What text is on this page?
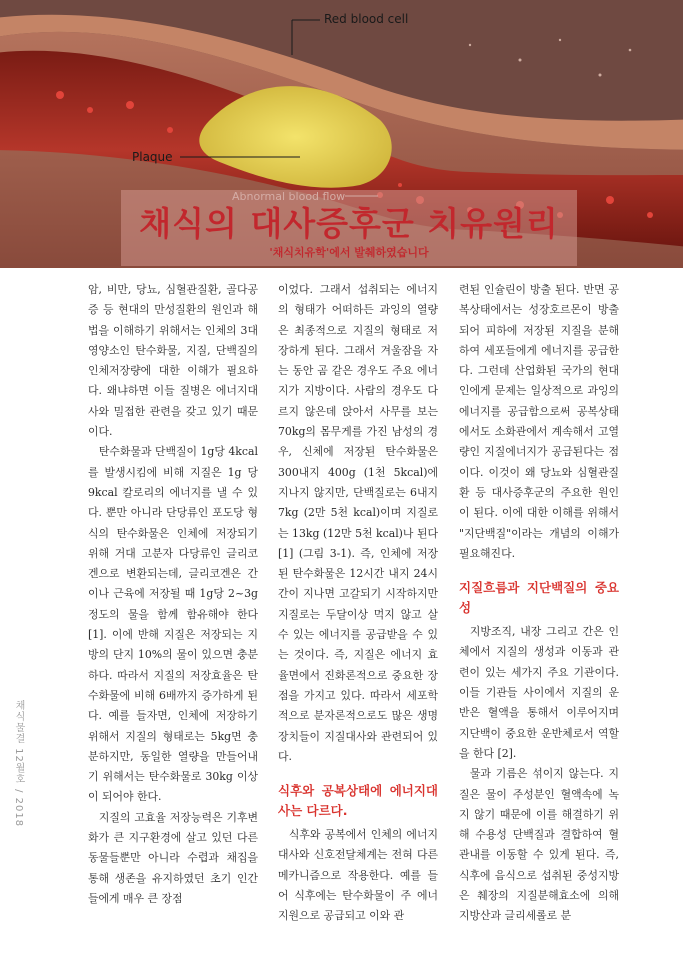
Red blood cell
Plaque
채식의 대사증후군 치유원리
'채식치유학'에서 발췌하였습니다
채식물결 12월호 / 2018

암, 비만, 당뇨, 심혈관질환, 골다공증 등 현대의 만성질환의 원인과 해법을 이해하기 위해서는 인체의 3대 영양소인 탄수화물, 지질, 단백질의 인체저장량에 대한 이해가 필요하다. 왜냐하면 이들 질병은 에너지대사와 밀접한 관련을 갖고 있기 때문이다.

탄수화물과 단백질이 1g당 4kcal를 발생시킴에 비해 지질은 1g 당 9kcal 칼로리의 에너지를 낼 수 있다. 뿐만 아니라 단당류인 포도당 형식의 탄수화물은 인체에 저장되기 위해 거대 고분자 다당류인 글리코겐으로 변환되는데, 글리코겐은 간이나 근육에 저장될 때 1g당 2~3g정도의 물을 함께 함유해야 한다 [1]. 이에 반해 지질은 저장되는 지방의 단지 10%의 물이 있으면 충분하다. 따라서 지질의 저장효율은 탄수화물에 비해 6배까지 증가하게 된다. 예를 들자면, 인체에 저장하기 위해서 지질의 형태로는 5kg면 충분하지만, 동일한 열량을 만들어내기 위해서는 탄수화물로 30kg 이상이 되어야 한다.

지질의 고효율 저장능력은 기후변화가 큰 지구환경에 살고 있던 다른 동물들뿐만 아니라 수렵과 채집을 통해 생존을 유지하였던 초기 인간들에게 매우 큰 장점

이었다. 그래서 섭취되는 에너지의 형태가 어떠하든 과잉의 열량은 최종적으로 지질의 형태로 저장하게 된다. 그래서 겨울잠을 자는 동안 곰 같은 경우도 주요 에너지가 지방이다. 사람의 경우도 다르지 않은데 앉아서 사무를 보는 70kg의 몸무게를 가진 남성의 경우, 신체에 저장된 탄수화물은 300내지 400g (1천 5kcal)에 지나지 않지만, 단백질로는 6내지 7kg (2만 5천 kcal)이며 지질로는 13kg (12만 5천 kcal)나 된다 [1] (그림 3-1). 즉, 인체에 저장된 탄수화물은 12시간 내지 24시간이 지나면 고갈되기 시작하지만 지질로는 두달이상 먹지 않고 살 수 있는 에너지를 공급받을 수 있는 것이다. 즉, 지질은 에너지 효율면에서 진화론적으로 중요한 장점을 가지고 있다. 따라서 세포학적으로 분자론적으로도 많은 생명장치들이 지질대사와 관련되어 있다.

식후와 공복상태에 에너지대사는 다르다.

식후와 공복에서 인체의 에너지대사와 신호전달체계는 전혀 다른 메카니즘으로 작용한다. 예를 들어 식후에는 탄수화물이 주 에너지원으로 공급되고 이와 관

련된 인슐린이 방출 된다. 반면 공복상태에서는 성장호르몬이 방출되어 피하에 저장된 지질을 분해하여 세포들에게 에너지를 공급한다. 그런데 산업화된 국가의 현대인에게 문제는 일상적으로 과잉의 에너지를 공급함으로써 공복상태에서도 소화관에서 계속해서 고열량인 지질에너지가 공급된다는 점이다. 이것이 왜 당뇨와 심혈관질환 등 대사증후군의 주요한 원인이 된다. 이에 대한 이해를 위해서 "지단백질"이라는 개념의 이해가 필요해진다.

지질흐름과 지단백질의 중요성

지방조직, 내장 그리고 간은 인체에서 지질의 생성과 이동과 관련이 있는 세가지 주요 기관이다. 이들 기관들 사이에서 지질의 운반은 혈액을 통해서 이루어지며 지단백이 중요한 운반체로서 역할을 한다 [2].

물과 기름은 섞이지 않는다. 지질은 물이 주성분인 혈액속에 녹지 않기 때문에 이를 해결하기 위해 수용성 단백질과 결합하여 혈관내를 이동할 수 있게 된다. 즉, 식후에 음식으로 섭취된 중성지방은 췌장의 지질분해효소에 의해 지방산과 글리세롤로 분
